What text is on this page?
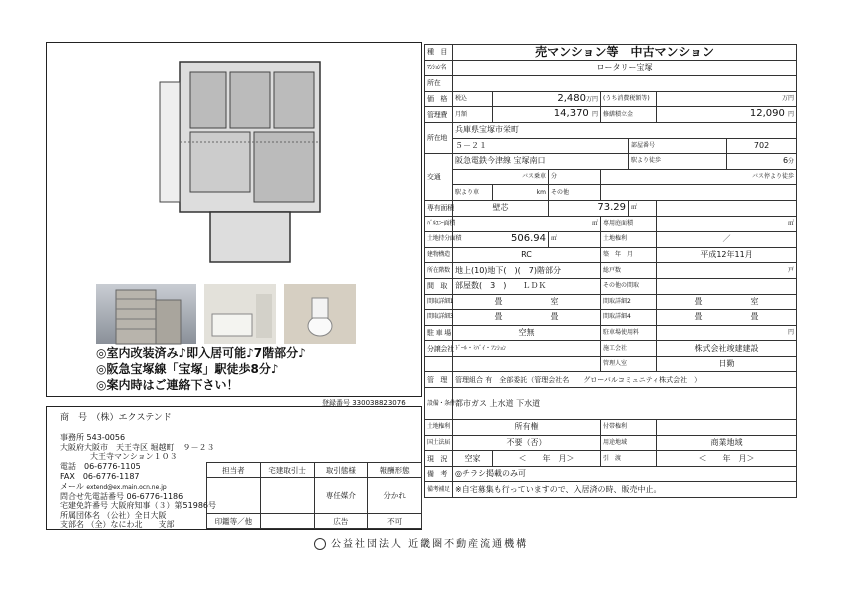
◎室内改装済み♪即入居可能♪7階部分♪
◎阪急宝塚線「宝塚」駅徒歩8分♪
◎案内時はご連絡下さい！
登録番号 330038823076
商　号　 （株）エクステンド
事務所 543-0056
大阪府大阪市　天王寺区 堀越町　９－２３
大王寺マンション１０３
電話　 06-6776-1105
FAX　 06-6776-1187
メール extend@ex.main.ocn.ne.jp
問合せ先電話番号 06-6776-1186
宅建免許番号 大阪府知事（３）第51986号
所属団体名 （公社）全日大阪
支部名 （全）なにわ北　　支部
担当者	宅建取引士	取引態様	報酬形態
		専任媒介	分かれ
印鑑等／他		広告	不可
種　目	売マンション等　中古マンション						
ﾏﾝｼｮﾝ名	ロータリー宝塚						
所在							
価　格	税込	2,480万円		(うち消費税額等)		万円	
管理費	月額	14,370 円		修繕積立金		12,090 円	
所在地	兵庫県宝塚市栄町						
	５－２１				部屋番号		702
交通	阪急電鉄今津線 宝塚南口				駅より徒歩		6分
	バス乗車		分	バス停より徒歩			
	駅より車	km	その他				
専有面積	壁芯		73.29		㎡		
ﾊﾞﾙｺﾆｰ面積	㎡			専用庭面積		㎡	
土地持分面積	506.94		㎡	土地権利		／	
建物構造	RC			築　年　月		平成12年11月	
所在階数	地上(10)地下(　)(　7)階部分			総戸数		戸	
間　取	部屋数(　3　)　　ＬＤＫ			その他の間取			
間取詳細1	畳　　　　　　室			間取詳細2		畳　　　　　　室	
間取詳細3	畳　　　　　　畳			間取詳細4		畳　　　　　　畳	
駐 車 場	空無			駐車場使用料		円	
分譲会社	ﾄﾞｰﾙ・ﾐﾊﾞｲ・ﾌﾝｼｮﾝ			施工会社		株式会社竣建建設	
				管理人室		日勤	
管　理	管理組合 有　全部委託（管理会社名　　グローバルコミュニティ株式会社　）						
設備・条件	都市ガス 上水道 下水道						
土地権利	所有権			付帯権利			
国土法届	不要（否）			用途地域		商業地域	
現　況	空家	＜　　年　月＞		引　渡		＜　　年　月＞	
備　考	◎チラシ掲載のみ可						
備考補足	※自宅募集も行っていますので、入居済の時、販売中止。						
公益社団法人 近畿圏不動産流通機構
